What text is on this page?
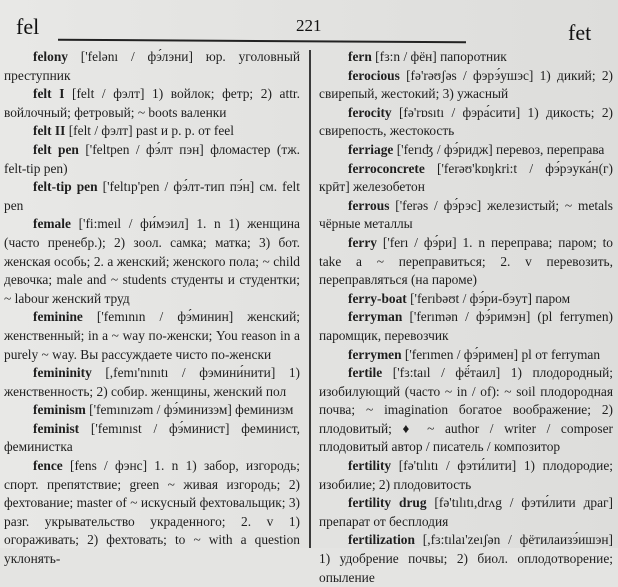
fel	221	fet

felony ['felənı / фэ́лэни] юр. уголовный преступник

felt I [felt / фэлт] 1) войлок; фетр; 2) attr. войлочный; фетровый; ~ boots валенки

felt II [felt / фэлт] past и p. p. от feel

felt pen ['feltpen / фэ́лт пэн] фломастер (тж. felt-tip pen)

felt-tip pen ['feltıp'pen / фэ́лт-тип пэ́н] см. felt pen

female ['fi:meıl / фи́мэил] 1. n 1) женщина (часто пренебр.); 2) зоол. самка; матка; 3) бот. женская особь; 2. a женский; женского пола; ~ child девочка; male and ~ students студенты и студентки; ~ labour женский труд

feminine ['femının / фэ́минин] женский; женственный; in a ~ way по-женски; You reason in a purely ~ way. Вы рассуждаете чисто по-женски

femininity [,femı'nınıtı / фэмини́нити] 1) женственность; 2) собир. женщины, женский пол

feminism ['femınızəm / фэ́минизэм] феминизм

feminist ['femınıst / фэ́минист] феминист, феминистка

fence [fens / фэнс] 1. n 1) забор, изгородь; спорт. препятствие; green ~ живая изгородь; 2) фехтование; master of ~ искусный фехтовальщик; 3) разг. укрывательство украденного; 2. v 1) огораживать; 2) фехтовать; to ~ with a question уклонять-

fern [fɜ:n / фён] папоротник

ferocious [fə'rəʊʃəs / фэрэ́ушэс] 1) дикий; 2) свирепый, жестокий; 3) ужасный

ferocity [fə'rɒsıtı / фэра́сити] 1) дикость; 2) свирепость, жестокость

ferriage ['ferıʤ / фэ́ридж] перевоз, переправа

ferroconcrete ['ferəʊ'kɒŋkri:t / фэ́рэука́н(г) крӣт] железобетон

ferrous ['ferəs / фэ́рэс] железистый; ~ metals чёрные металлы

ferry ['ferı / фэ́ри] 1. n переправа; паром; to take a ~ переправиться; 2. v перевозить, переправляться (на пароме)

ferry-boat ['ferıbəʊt / фэ́ри-бэут] паром

ferryman ['ferımən / фэ́римэн] (pl ferrymen) паромщик, перевозчик

ferrymen ['ferımen / фэ́римен] pl от ferryman

fertile ['fɜ:taıl / фё́таил] 1) плодородный; изобилующий (часто ~ in / of): ~ soil плодородная почва; ~ imagination богатое воображение; 2) плодовитый; ♦ ~ author / writer / composer плодовитый автор / писатель / композитор

fertility [fə'tılıtı / фэти́лити] 1) плодородие; изобилие; 2) плодовитость

fertility drug [fə'tılıtı,drʌg / фэти́лити драг] препарат от бесплодия

fertilization [,fɜ:tılaı'zeıʃən / фётилаизэ́ишэн] 1) удобрение почвы; 2) биол. оплодотворение; опыление
